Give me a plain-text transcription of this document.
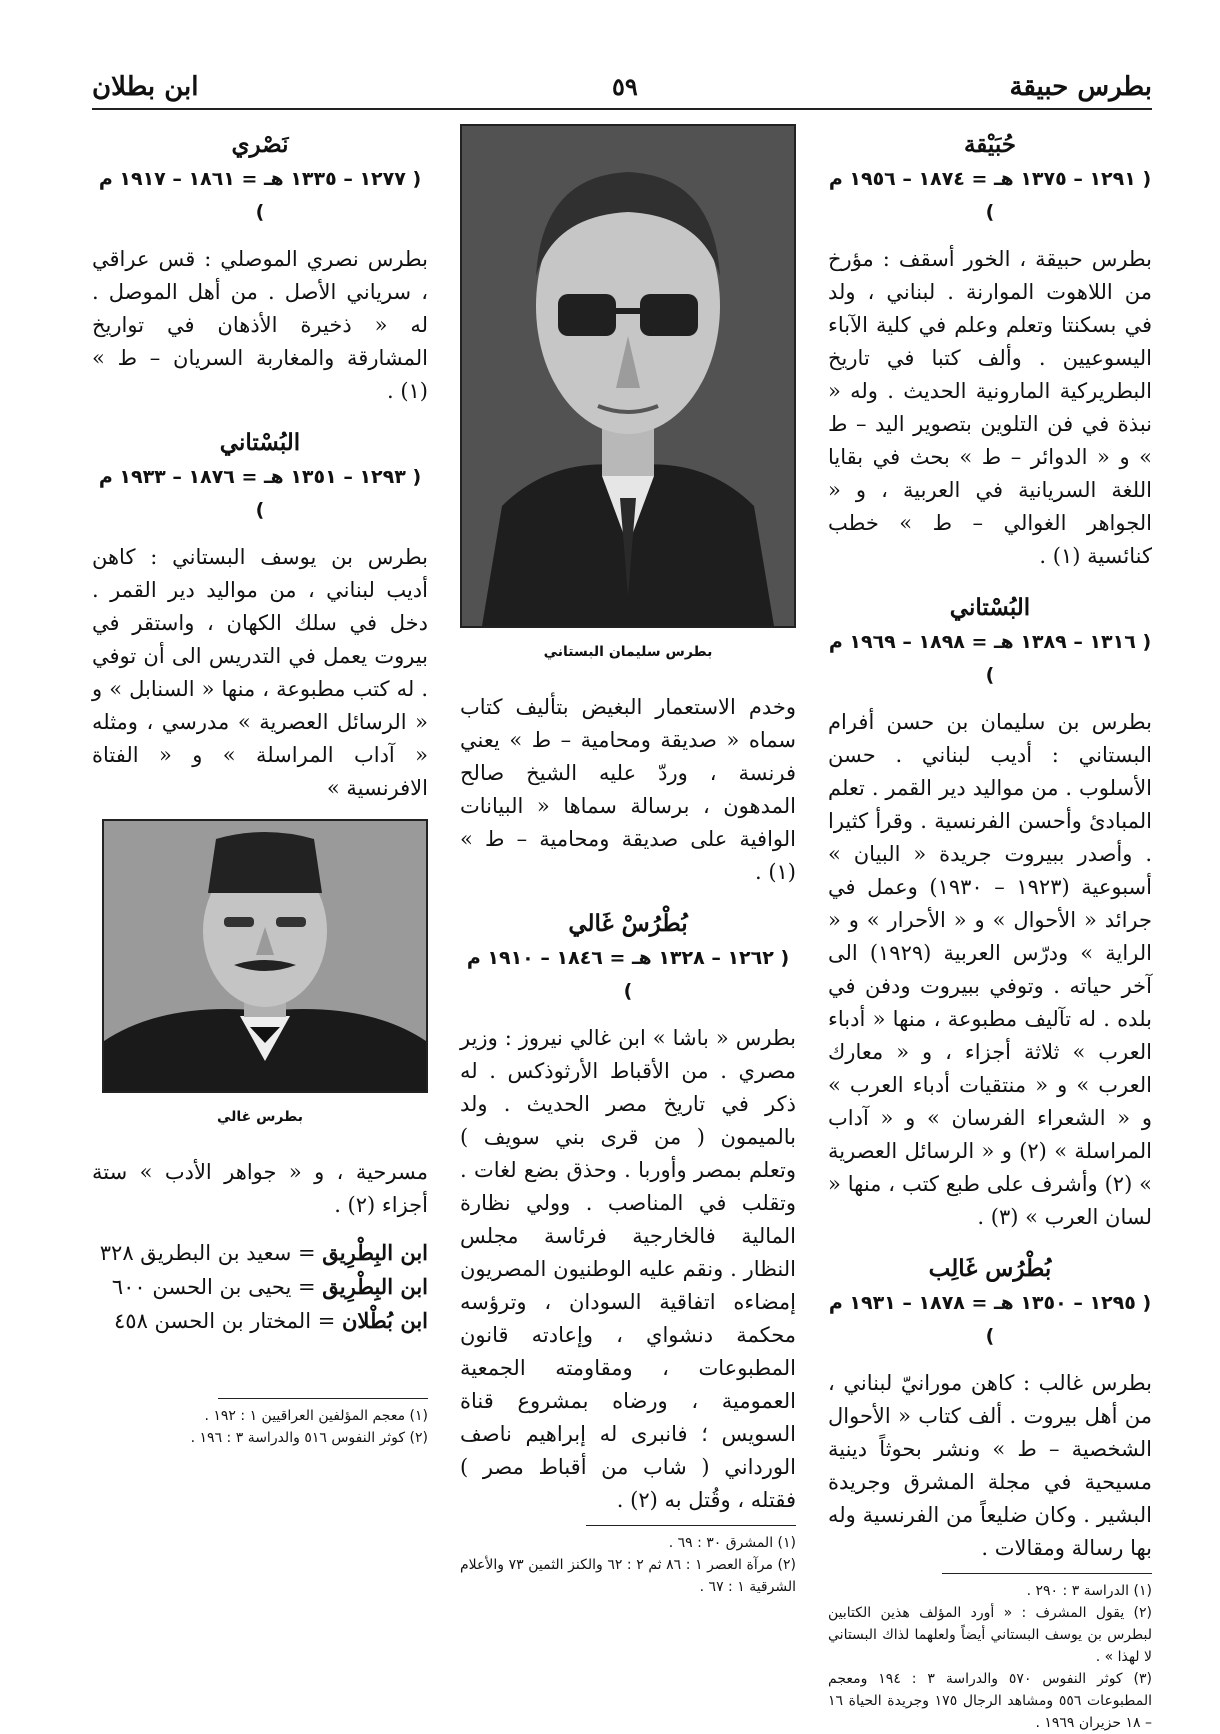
بطرس حبيقة
٥٩
ابن بطلان
حُبَيْقة
( ١٢٩١ – ١٣٧٥ هـ = ١٨٧٤ – ١٩٥٦ م )
بطرس حبيقة ، الخور أسقف : مؤرخ من اللاهوت الموارنة . لبناني ، ولد في بسكنتا وتعلم وعلم في كلية الآباء اليسوعيين . وألف كتبا في تاريخ البطريركية المارونية الحديث . وله « نبذة في فن التلوين بتصوير اليد – ط » و « الدوائر – ط » بحث في بقايا اللغة السريانية في العربية ، و « الجواهر الغوالي – ط » خطب كنائسية (١) .
البُسْتاني
( ١٣١٦ – ١٣٨٩ هـ = ١٨٩٨ – ١٩٦٩ م )
بطرس بن سليمان بن حسن أفرام البستاني : أديب لبناني . حسن الأسلوب . من مواليد دير القمر . تعلم المبادئ وأحسن الفرنسية . وقرأ كثيرا . وأصدر ببيروت جريدة « البيان » أسبوعية (١٩٢٣ – ١٩٣٠) وعمل في جرائد « الأحوال » و « الأحرار » و « الراية » ودرّس العربية (١٩٢٩) الى آخر حياته . وتوفي ببيروت ودفن في بلده . له تآليف مطبوعة ، منها « أدباء العرب » ثلاثة أجزاء ، و « معارك العرب » و « منتقيات أدباء العرب » و « الشعراء الفرسان » و « آداب المراسلة » (٢) و « الرسائل العصرية » (٢) وأشرف على طبع كتب ، منها « لسان العرب » (٣) .
بُطْرُس غَالِب
( ١٢٩٥ – ١٣٥٠ هـ = ١٨٧٨ – ١٩٣١ م )
بطرس غالب : كاهن مورانيّ لبناني ، من أهل بيروت . ألف كتاب « الأحوال الشخصية – ط » ونشر بحوثاً دينية مسيحية في مجلة المشرق وجريدة البشير . وكان ضليعاً من الفرنسية وله بها رسالة ومقالات .
(١) الدراسة ٣ : ٢٩٠ .
(٢) يقول المشرف : « أورد المؤلف هذين الكتابين لبطرس بن يوسف البستاني أيضاً ولعلهما لذاك البستاني لا لهذا » .
(٣) كوثر النفوس ٥٧٠ والدراسة ٣ : ١٩٤ ومعجم المطبوعات ٥٥٦ ومشاهد الرجال ١٧٥ وجريدة الحياة ١٦ – ١٨ حزيران ١٩٦٩ .
بطرس سليمان البستاني
وخدم الاستعمار البغيض بتأليف كتاب سماه « صديقة ومحامية – ط » يعني فرنسة ، وردّ عليه الشيخ صالح المدهون ، برسالة سماها « البيانات الوافية على صديقة ومحامية – ط » (١) .
بُطْرُسْ غَالي
( ١٢٦٢ – ١٣٢٨ هـ = ١٨٤٦ – ١٩١٠ م )
بطرس « باشا » ابن غالي نيروز : وزير مصري . من الأقباط الأرثوذكس . له ذكر في تاريخ مصر الحديث . ولد بالميمون ( من قرى بني سويف ) وتعلم بمصر وأوربا . وحذق بضع لغات . وتقلب في المناصب . وولي نظارة المالية فالخارجية فرئاسة مجلس النظار . ونقم عليه الوطنيون المصريون إمضاءه اتفاقية السودان ، وترؤسه محكمة دنشواي ، وإعادته قانون المطبوعات ، ومقاومته الجمعية العمومية ، ورضاه بمشروع قناة السويس ؛ فانبرى له إبراهيم ناصف الورداني ( شاب من أقباط مصر ) فقتله ، وقُتل به (٢) .
(١) المشرق ٣٠ : ٦٩ .
(٢) مرآة العصر ١ : ٨٦ ثم ٢ : ٦٢ والكنز الثمين ٧٣ والأعلام الشرقية ١ : ٦٧ .
نَصْري
( ١٢٧٧ – ١٣٣٥ هـ = ١٨٦١ – ١٩١٧ م )
بطرس نصري الموصلي : قس عراقي ، سرياني الأصل . من أهل الموصل . له « ذخيرة الأذهان في تواريخ المشارقة والمغاربة السريان – ط » (١) .
البُسْتاني
( ١٢٩٣ – ١٣٥١ هـ = ١٨٧٦ – ١٩٣٣ م )
بطرس بن يوسف البستاني : كاهن أديب لبناني ، من مواليد دير القمر . دخل في سلك الكهان ، واستقر في بيروت يعمل في التدريس الى أن توفي . له كتب مطبوعة ، منها « السنابل » و « الرسائل العصرية » مدرسي ، ومثله « آداب المراسلة » و « الفتاة الافرنسية »
بطرس غالي
مسرحية ، و « جواهر الأدب » ستة أجزاء (٢) .
ابن البِطْرِيق = سعيد بن البطريق ٣٢٨
ابن البِطْرِيق = يحيى بن الحسن ٦٠٠
ابن بُطْلان = المختار بن الحسن ٤٥٨
(١) معجم المؤلفين العراقيين ١ : ١٩٢ .
(٢) كوثر النفوس ٥١٦ والدراسة ٣ : ١٩٦ .
